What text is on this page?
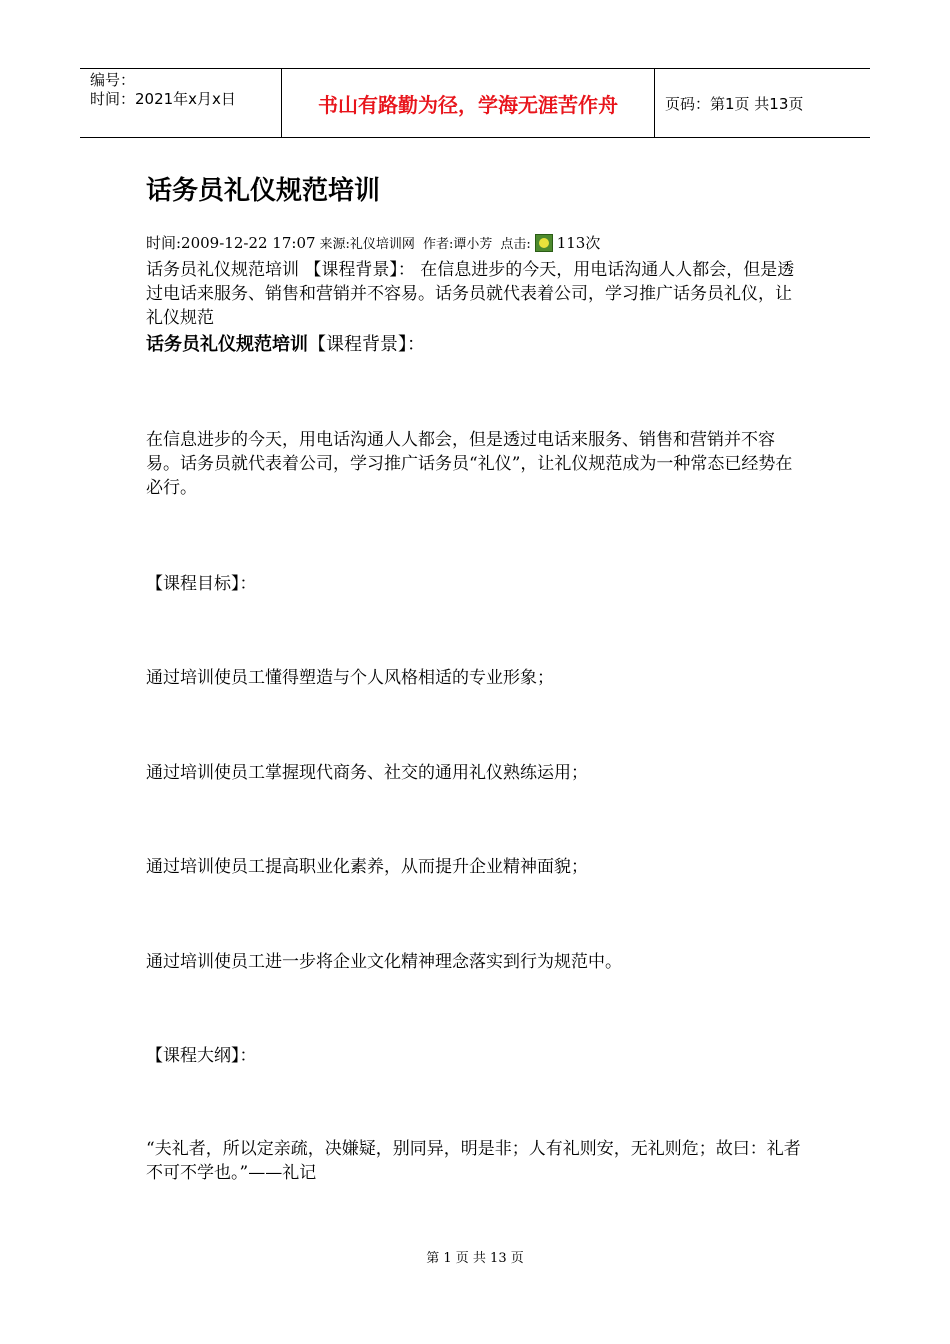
编号：
时间：2021年x月x日	书山有路勤为径，学海无涯苦作舟	页码：第1页 共13页
话务员礼仪规范培训
时间:2009-12-22 17:07 来源:礼仪培训网 作者:谭小芳 点击: 113次
话务员礼仪规范培训 【课程背景】： 在信息进步的今天，用电话沟通人人都会，但是透过电话来服务、销售和营销并不容易。话务员就代表着公司，学习推广话务员礼仪，让礼仪规范
话务员礼仪规范培训【课程背景】：
在信息进步的今天，用电话沟通人人都会，但是透过电话来服务、销售和营销并不容易。话务员就代表着公司，学习推广话务员“礼仪”，让礼仪规范成为一种常态已经势在必行。
【课程目标】：
通过培训使员工懂得塑造与个人风格相适的专业形象；
通过培训使员工掌握现代商务、社交的通用礼仪熟练运用；
通过培训使员工提高职业化素养，从而提升企业精神面貌；
通过培训使员工进一步将企业文化精神理念落实到行为规范中。
【课程大纲】：
“夫礼者，所以定亲疏，决嫌疑，别同异，明是非；人有礼则安，无礼则危；故曰：礼者不可不学也。”——礼记
第 1 页 共 13 页
